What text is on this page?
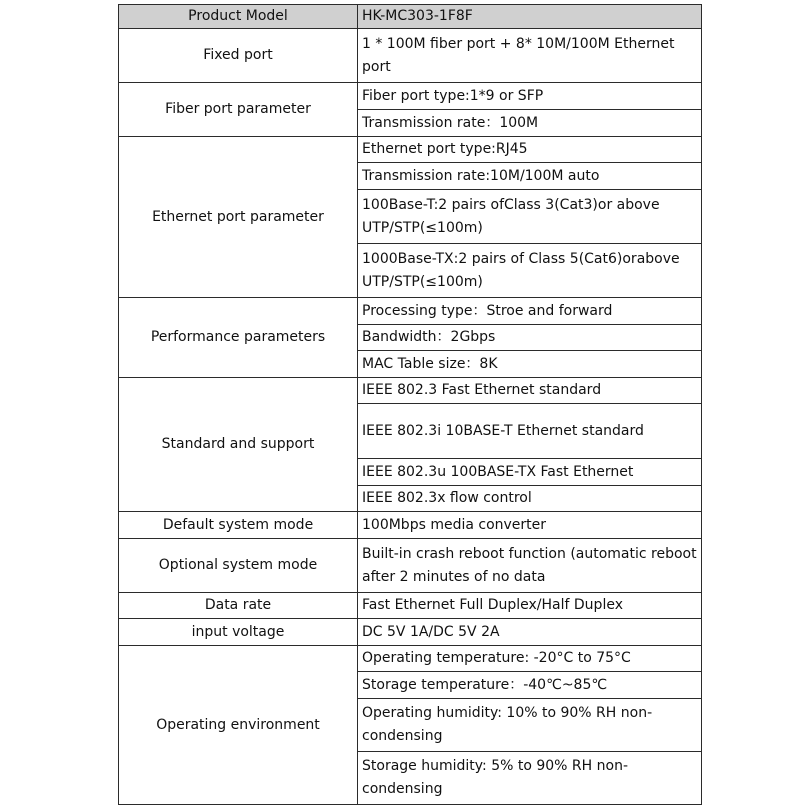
Product Model	HK-MC303-1F8F
Fixed port	1 * 100M fiber port + 8* 10M/100M Ethernet port
Fiber port parameter	Fiber port type:1*9 or SFP
	Transmission rate：100M
Ethernet port parameter	Ethernet port type:RJ45
	Transmission rate:10M/100M auto
	100Base-T:2 pairs ofClass 3(Cat3)or above UTP/STP(≤100m)
	1000Base-TX:2 pairs of Class 5(Cat6)orabove UTP/STP(≤100m)
Performance parameters	Processing type：Stroe and forward
	Bandwidth：2Gbps
	MAC Table size：8K
Standard and support	IEEE 802.3 Fast Ethernet standard
	IEEE 802.3i 10BASE-T Ethernet standard
	IEEE 802.3u 100BASE-TX Fast Ethernet
	IEEE 802.3x flow control
Default system mode	100Mbps media converter
Optional system mode	Built-in crash reboot function (automatic reboot after 2 minutes of no data
Data rate	Fast Ethernet Full Duplex/Half Duplex
input voltage	DC 5V 1A/DC 5V 2A
Operating environment	Operating temperature: -20°C to 75°C
	Storage temperature：-40℃~85℃
	Operating humidity: 10% to 90% RH non-condensing
	Storage humidity: 5% to 90% RH non-condensing
